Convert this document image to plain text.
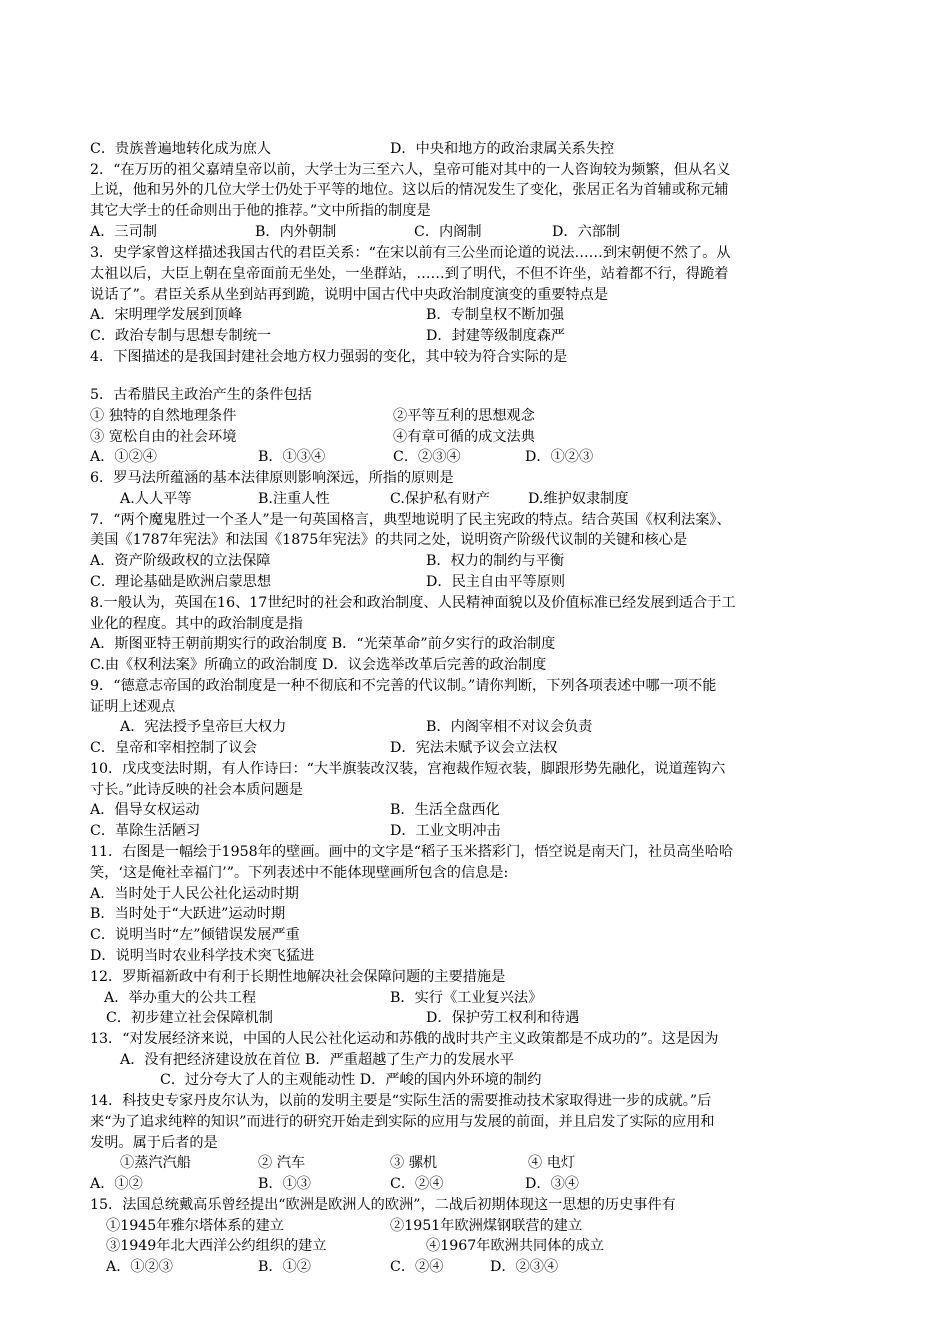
C．贵族普遍地转化成为庶人	D．中央和地方的政治隶属关系失控
2．“在万历的祖父嘉靖皇帝以前，大学士为三至六人，皇帝可能对其中的一人咨询较为频繁，但从名义
上说，他和另外的几位大学士仍处于平等的地位。这以后的情况发生了变化，张居正名为首辅或称元辅
其它大学士的任命则出于他的推荐。”文中所指的制度是
A．三司制	B．内外朝制	C．内阁制	D．六部制
3．史学家曾这样描述我国古代的君臣关系：“在宋以前有三公坐而论道的说法……到宋朝便不然了。从
太祖以后，大臣上朝在皇帝面前无坐处，一坐群站，……到了明代，不但不许坐，站着都不行，得跪着
说话了”。君臣关系从坐到站再到跪，说明中国古代中央政治制度演变的重要特点是
A．宋明理学发展到顶峰	B．专制皇权不断加强
C．政治专制与思想专制统一	D．封建等级制度森严
4．下图描述的是我国封建社会地方权力强弱的变化，其中较为符合实际的是
5．古希腊民主政治产生的条件包括
① 独特的自然地理条件	②平等互利的思想观念
③ 宽松自由的社会环境	④有章可循的成文法典
A．①②④	B．①③④	C．②③④	D．①②③
6．罗马法所蕴涵的基本法律原则影响深远，所指的原则是
A.人人平等	B.注重人性	C.保护私有财产	D.维护奴隶制度
7．“两个魔鬼胜过一个圣人”是一句英国格言，典型地说明了民主宪政的特点。结合英国《权利法案》、
美国《1787年宪法》和法国《1875年宪法》的共同之处，说明资产阶级代议制的关键和核心是
A．资产阶级政权的立法保障	B．权力的制约与平衡
C．理论基础是欧洲启蒙思想	D．民主自由平等原则
8.一般认为，英国在16、17世纪时的社会和政治制度、人民精神面貌以及价值标准已经发展到适合于工
业化的程度。其中的政治制度是指
A．斯图亚特王朝前期实行的政治制度 B．“光荣革命”前夕实行的政治制度
C.由《权利法案》所确立的政治制度 D．议会选举改革后完善的政治制度
9．“德意志帝国的政治制度是一种不彻底和不完善的代议制。”请你判断，下列各项表述中哪一项不能
证明上述观点
A．宪法授予皇帝巨大权力	B．内阁宰相不对议会负责
C．皇帝和宰相控制了议会	D．宪法未赋予议会立法权
10．戊戌变法时期，有人作诗曰：“大半旗装改汉装，宫袍裁作短衣装，脚跟形势先融化，说道莲钩六
寸长。”此诗反映的社会本质问题是
A．倡导女权运动	B．生活全盘西化
C．革除生活陋习	D．工业文明冲击
11．右图是一幅绘于1958年的壁画。画中的文字是“稻子玉米搭彩门，悟空说是南天门，社员高坐哈哈
笑，‘这是俺社幸福门’”。下列表述中不能体现壁画所包含的信息是:
A．当时处于人民公社化运动时期
B．当时处于“大跃进”运动时期
C．说明当时“左”倾错误发展严重
D．说明当时农业科学技术突飞猛进
12．罗斯福新政中有利于长期性地解决社会保障问题的主要措施是
A．举办重大的公共工程	B．实行《工业复兴法》
C．初步建立社会保障机制	D．保护劳工权利和待遇
13．“对发展经济来说，中国的人民公社化运动和苏俄的战时共产主义政策都是不成功的”。这是因为
A．没有把经济建设放在首位 B．严重超越了生产力的发展水平
C．过分夸大了人的主观能动性 D．严峻的国内外环境的制约
14．科技史专家丹皮尔认为，以前的发明主要是“实际生活的需要推动技术家取得进一步的成就。”后
来“为了追求纯粹的知识”而进行的研究开始走到实际的应用与发展的前面，并且启发了实际的应用和
发明。属于后者的是
①蒸汽汽船	② 汽车	③ 骡机	④ 电灯
A．①②	B．①③	C．②④	D．③④
15．法国总统戴高乐曾经提出“欧洲是欧洲人的欧洲”，二战后初期体现这一思想的历史事件有
①1945年雅尔塔体系的建立	②1951年欧洲煤钢联营的建立
③1949年北大西洋公约组织的建立	④1967年欧洲共同体的成立
A．①②③	B．①②	C．②④	D．②③④
